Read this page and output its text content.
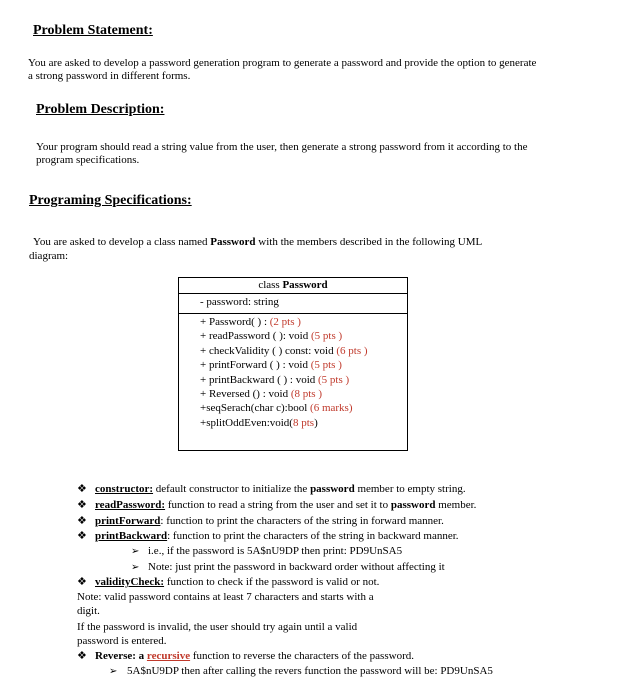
Problem Statement:
You are asked to develop a password generation program to generate a password and provide the option to generate
a strong password in different forms.
Problem Description:
Your program should read a string value from the user, then generate a strong password from it according to the
program specifications.
Programing Specifications:
You are asked to develop a class named Password with the members described in the following UML
diagram:
class Password
- password: string
+ Password( ) : (2 pts )
+ readPassword ( ): void (5 pts )
+ checkValidity ( ) const: void (6 pts )
+ printForward ( ) : void (5 pts )
+ printBackward ( ) : void (5 pts )
+ Reversed () : void (8 pts )
+seqSerach(char c):bool (6 marks)
+splitOddEven:void(8 pts)
❖ constructor: default constructor to initialize the password member to empty string.
❖ readPassword: function to read a string from the user and set it to password member.
❖ printForward: function to print the characters of the string in forward manner.
❖ printBackward: function to print the characters of the string in backward manner.
➢ i.e., if the password is 5A$nU9DP then print: PD9UnSA5
➢ Note: just print the password in backward order without affecting it
❖ validityCheck: function to check if the password is valid or not.
Note: valid password contains at least 7 characters and starts with a
digit.
If the password is invalid, the user should try again until a valid
password is entered.
❖ Reverse: a recursive function to reverse the characters of the password.
➢ 5A$nU9DP then after calling the revers function the password will be: PD9UnSA5
